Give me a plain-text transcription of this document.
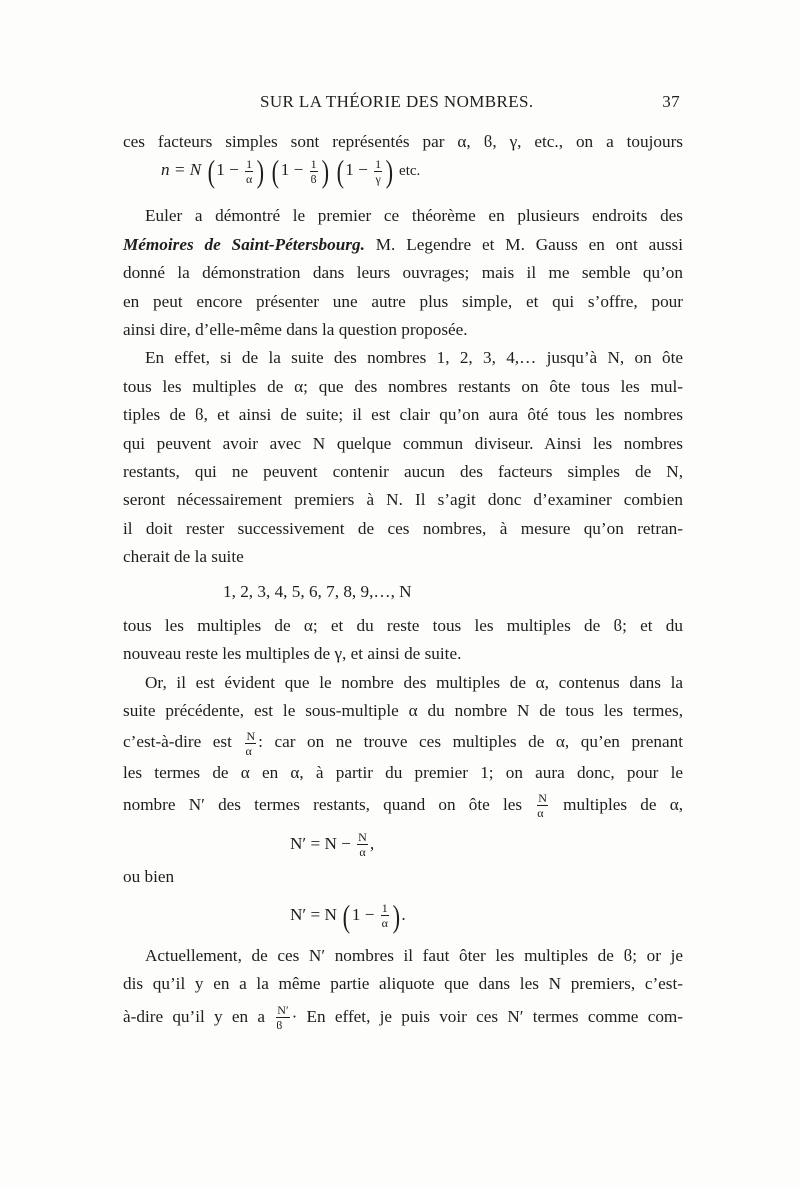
SUR LA THÉORIE DES NOMBRES.	37

ces facteurs simples sont représentés par α, ϐ, γ, etc., on a toujours

n = N ($1 - \frac{1}{\alpha}$ ) ($1 - \frac{1}{ϐ}$ ) ($1 - \frac{1}{\gamma}$ ) etc.

Euler a démontré le premier ce théorème en plusieurs endroits des
Mémoires de Saint-Pétersbourg. M. Legendre et M. Gauss en ont aussi
donné la démonstration dans leurs ouvrages; mais il me semble qu’on
en peut encore présenter une autre plus simple, et qui s’offre, pour
ainsi dire, d’elle-même dans la question proposée.

En effet, si de la suite des nombres 1, 2, 3, 4,… jusqu’à N, on ôte
tous les multiples de α; que des nombres restants on ôte tous les mul-
tiples de ϐ, et ainsi de suite; il est clair qu’on aura ôté tous les nombres
qui peuvent avoir avec N quelque commun diviseur. Ainsi les nombres
restants, qui ne peuvent contenir aucun des facteurs simples de N,
seront nécessairement premiers à N. Il s’agit donc d’examiner combien
il doit rester successivement de ces nombres, à mesure qu’on retran-
cherait de la suite

1, 2, 3, 4, 5, 6, 7, 8, 9,…, N

tous les multiples de α; et du reste tous les multiples de ϐ; et du
nouveau reste les multiples de γ, et ainsi de suite.

Or, il est évident que le nombre des multiples de α, contenus dans la
suite précédente, est le sous-multiple α du nombre N de tous les termes,
c’est-à-dire est $\frac{N}{\alpha}$ : car on ne trouve ces multiples de α, qu’en prenant
les termes de α en α, à partir du premier 1; on aura donc, pour le
nombre N′ des termes restants, quand on ôte les $\frac{N}{\alpha}$ multiples de α,

$N' = N - \frac{N}{\alpha}$ ,
ou bien
N′ = N ($1 - \frac{1}{\alpha}$ ).

Actuellement, de ces N′ nombres il faut ôter les multiples de ϐ; or je
dis qu’il y en a la même partie aliquote que dans les N premiers, c’est-
à-dire qu’il y en a $\frac{N'}{ϐ} \cdot En$ effet, je puis voir ces N′ termes comme com-
